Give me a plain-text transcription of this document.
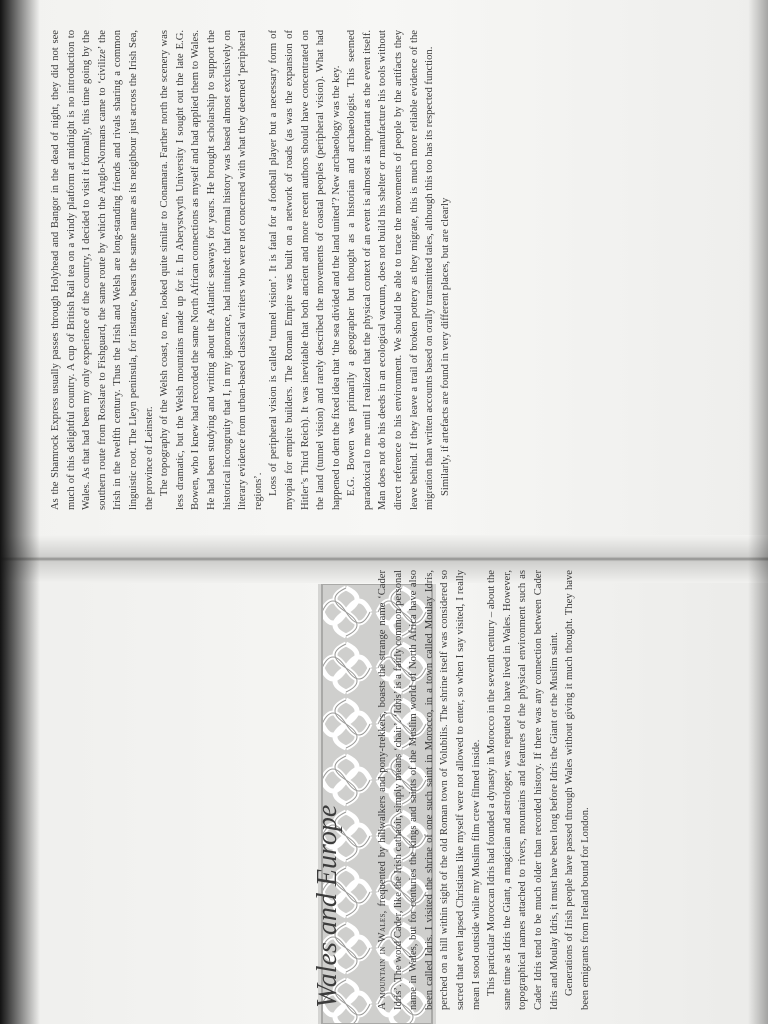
As the Shamrock Express usually passes through Holyhead and Bangor in the dead of night, they did not see much of this delightful country. A cup of British Rail tea on a windy platform at midnight is no introduction to Wales. As that had been my only experience of the country, I decided to visit it formally, this time going by the southern route from Rosslare to Fishguard, the same route by which the Anglo-Normans came to ‘civilize’ the Irish in the twelfth century. Thus the Irish and Welsh are long-standing friends and rivals sharing a common linguistic root. The Lleyn peninsula, for instance, bears the same name as its neighbour just across the Irish Sea, the province of Leinster. The topography of the Welsh coast, to me, looked quite similar to Conamara. Farther north the scenery was less dramatic, but the Welsh mountains made up for it. In Aberystwyth University I sought out the late E.G. Bowen, who I knew had recorded the same North African connections as myself and had applied them to Wales. He had been studying and writing about the Atlantic seaways for years. He brought scholarship to support the historical incongruity that I, in my ignorance, had intuited: that formal history was based almost exclusively on literary evidence from urban-based classical writers who were not concerned with what they deemed ‘peripheral regions’. Loss of peripheral vision is called ‘tunnel vision’. It is fatal for a football player but a necessary form of myopia for empire builders. The Roman Empire was built on a network of roads (as was the expansion of Hitler’s Third Reich). It was inevitable that both ancient and more recent authors should have concentrated on the land (tunnel vision) and rarely described the movements of coastal peoples (peripheral vision). What had happened to dent the fixed idea that ‘the sea divided and the land united’? New archaeology was the key. E.G. Bowen was primarily a geographer but thought as a historian and archaeologist. This seemed paradoxical to me until I realized that the physical context of an event is almost as important as the event itself. Man does not do his deeds in an ecological vacuum, does not build his shelter or manufacture his tools without direct reference to his environment. We should be able to trace the movements of people by the artifacts they leave behind. If they leave a trail of broken pottery as they migrate, this is much more reliable evidence of the migration than written accounts based on orally transmitted tales, although this too has its respected function. Similarly, if artefacts are found in very different places, but are clearly

Wales and Europe	A mountain in Wales, frequented by hillwalkers and pony-trekkers, boasts the strange name ‘Cader Idris’. The word Cader, like the Irish cathaoir, simply means ‘chair’. ‘Idris’ is a fairly common personal name in Wales, but for centuries the kings and saints of the Muslim world of North Africa have also been called Idris. I visited the shrine of one such saint in Morocco, in a town called Moulay Idris, perched on a hill within sight of the old Roman town of Volubilis. The shrine itself was considered so sacred that even lapsed Christians like myself were not allowed to enter, so when I say visited, I really mean I stood outside while my Muslim film crew filmed inside. This particular Moroccan Idris had founded a dynasty in Morocco in the seventh century – about the same time as Idris the Giant, a magician and astrologer, was reputed to have lived in Wales. However, topographical names attached to rivers, mountains and features of the physical environment such as Cader Idris tend to be much older than recorded history. If there was any connection between Cader Idris and Moulay Idris, it must have been long before Idris the Giant or the Muslim saint. Generations of Irish people have passed through Wales without giving it much thought. They have been emigrants from Ireland bound for London.
